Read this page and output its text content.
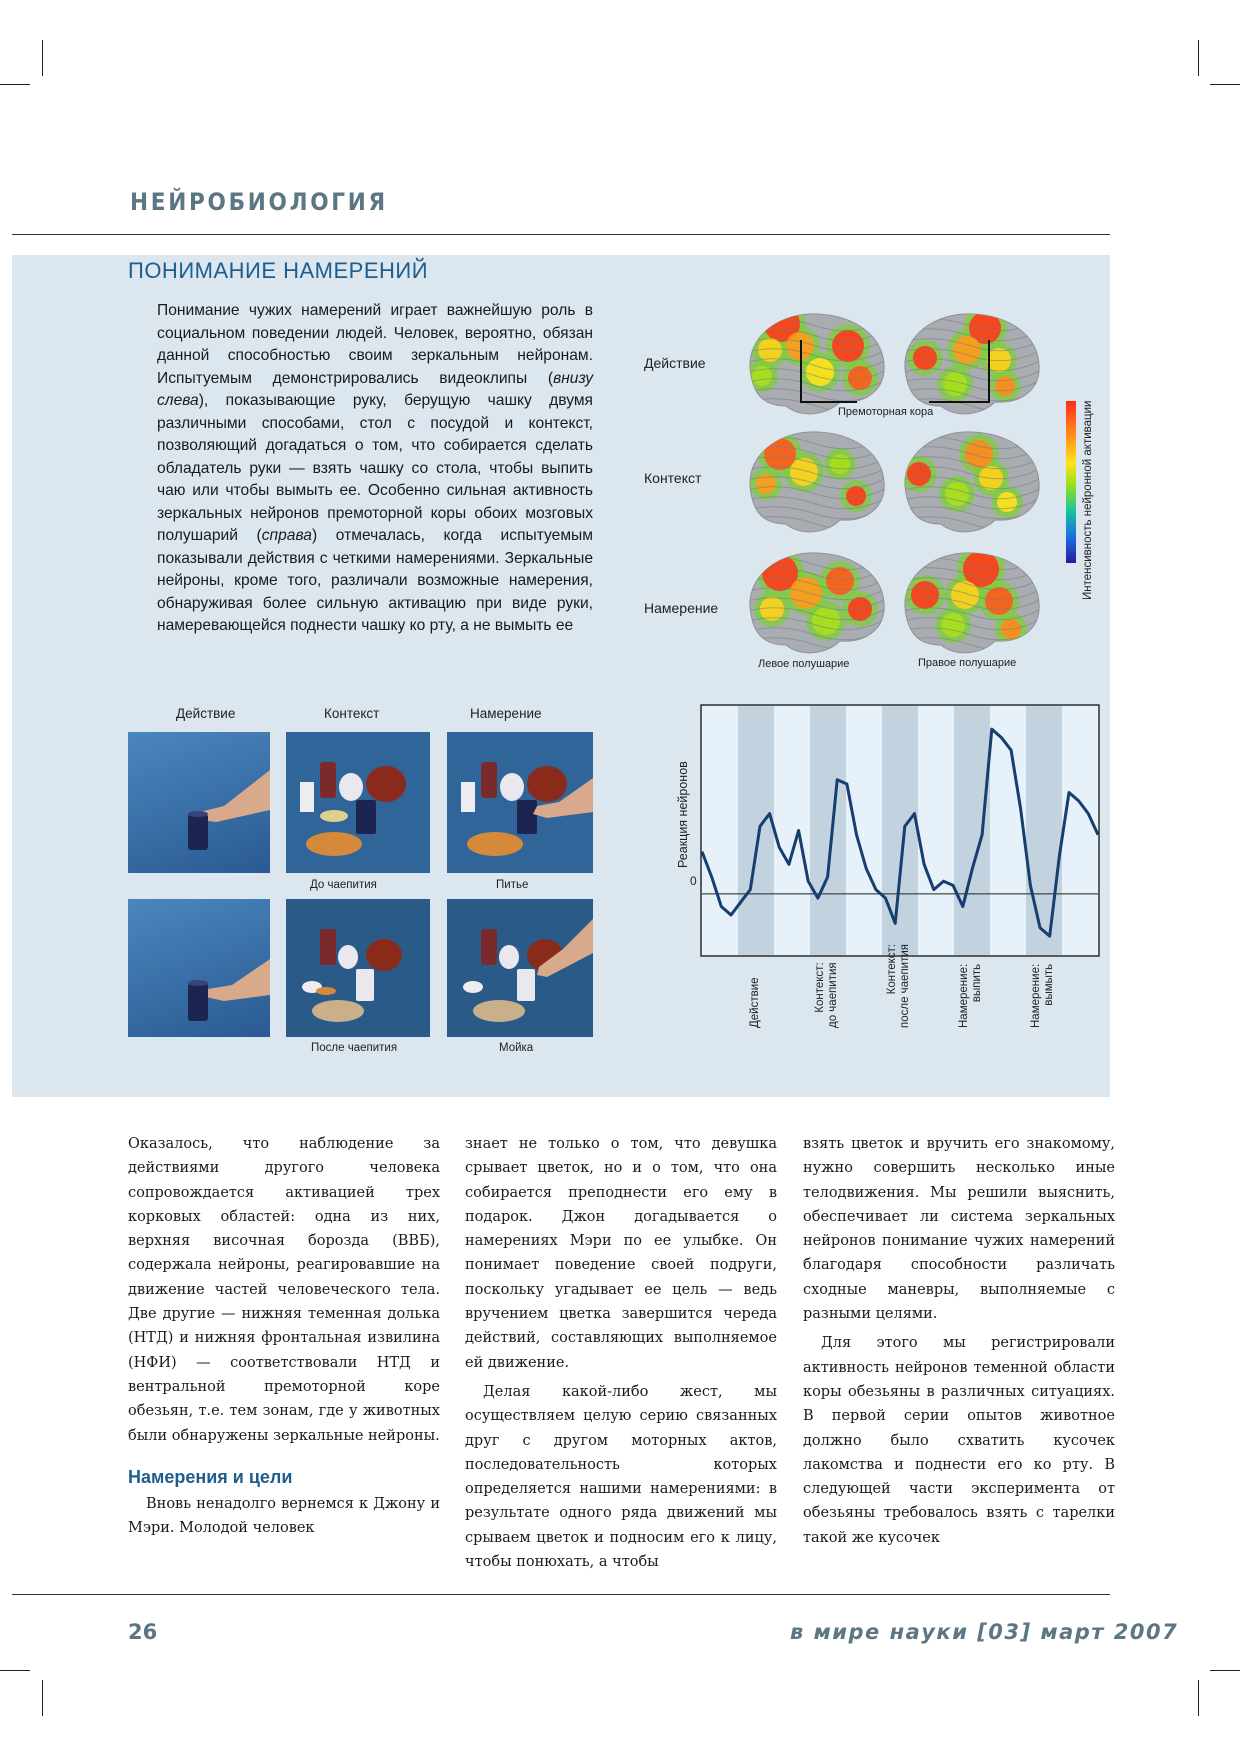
НЕЙРОБИОЛОГИЯ
ПОНИМАНИЕ НАМЕРЕНИЙ
Понимание чужих намерений играет важнейшую роль в социальном поведении людей. Человек, вероятно, обязан данной способностью своим зеркальным нейронам. Испытуемым демонстрировались видеоклипы (внизу слева), показывающие руку, берущую чашку двумя различными способами, стол с посудой и контекст, позволяющий догадаться о том, что собирается сделать обладатель руки — взять чашку со стола, чтобы выпить чаю или чтобы вымыть ее. Особенно сильная активность зеркальных нейронов премоторной коры обоих мозговых полушарий (справа) отмечалась, когда испытуемым показывали действия с четкими намерениями. Зеркальные нейроны, кроме того, различали возможные намерения, обнаруживая более сильную активацию при виде руки, намеревающейся поднести чашку ко рту, а не вымыть ее
Действие
Контекст
Намерение
Премоторная кора
Левое полушарие	Правое полушарие
Интенсивность нейронной активации
Действие	Контекст	Намерение
До чаепития	Питье
После чаепития	Мойка
0
Реакция нейронов
Действие	Контекст: до чаепития	Контекст: после чаепития	Намерение: выпить	Намерение: вымыть

Оказалось, что наблюдение за действиями другого человека сопровождается активацией трех корковых областей: одна из них, верхняя височная борозда (ВВБ), содержала нейроны, реагировавшие на движение частей человеческого тела. Две другие — нижняя теменная долька (НТД) и нижняя фронтальная извилина (НФИ) — соответствовали НТД и вентральной премоторной коре обезьян, т.е. тем зонам, где у животных были обнаружены зеркальные нейроны.

Намерения и цели

Вновь ненадолго вернемся к Джону и Мэри. Молодой человек

знает не только о том, что девушка срывает цветок, но и о том, что она собирается преподнести его ему в подарок. Джон догадывается о намерениях Мэри по ее улыбке. Он понимает поведение своей подруги, поскольку угадывает ее цель — ведь вручением цветка завершится череда действий, составляющих выполняемое ей движение.

Делая какой-либо жест, мы осуществляем целую серию связанных друг с другом моторных актов, последовательность которых определяется нашими намерениями: в результате одного ряда движений мы срываем цветок и подносим его к лицу, чтобы понюхать, а чтобы

взять цветок и вручить его знакомому, нужно совершить несколько иные телодвижения. Мы решили выяснить, обеспечивает ли система зеркальных нейронов понимание чужих намерений благодаря способности различать сходные маневры, выполняемые с разными целями.

Для этого мы регистрировали активность нейронов теменной области коры обезьяны в различных ситуациях. В первой серии опытов животное должно было схватить кусочек лакомства и поднести его ко рту. В следующей части эксперимента от обезьяны требовалось взять с тарелки такой же кусочек

26	в мире науки [03] март 2007
